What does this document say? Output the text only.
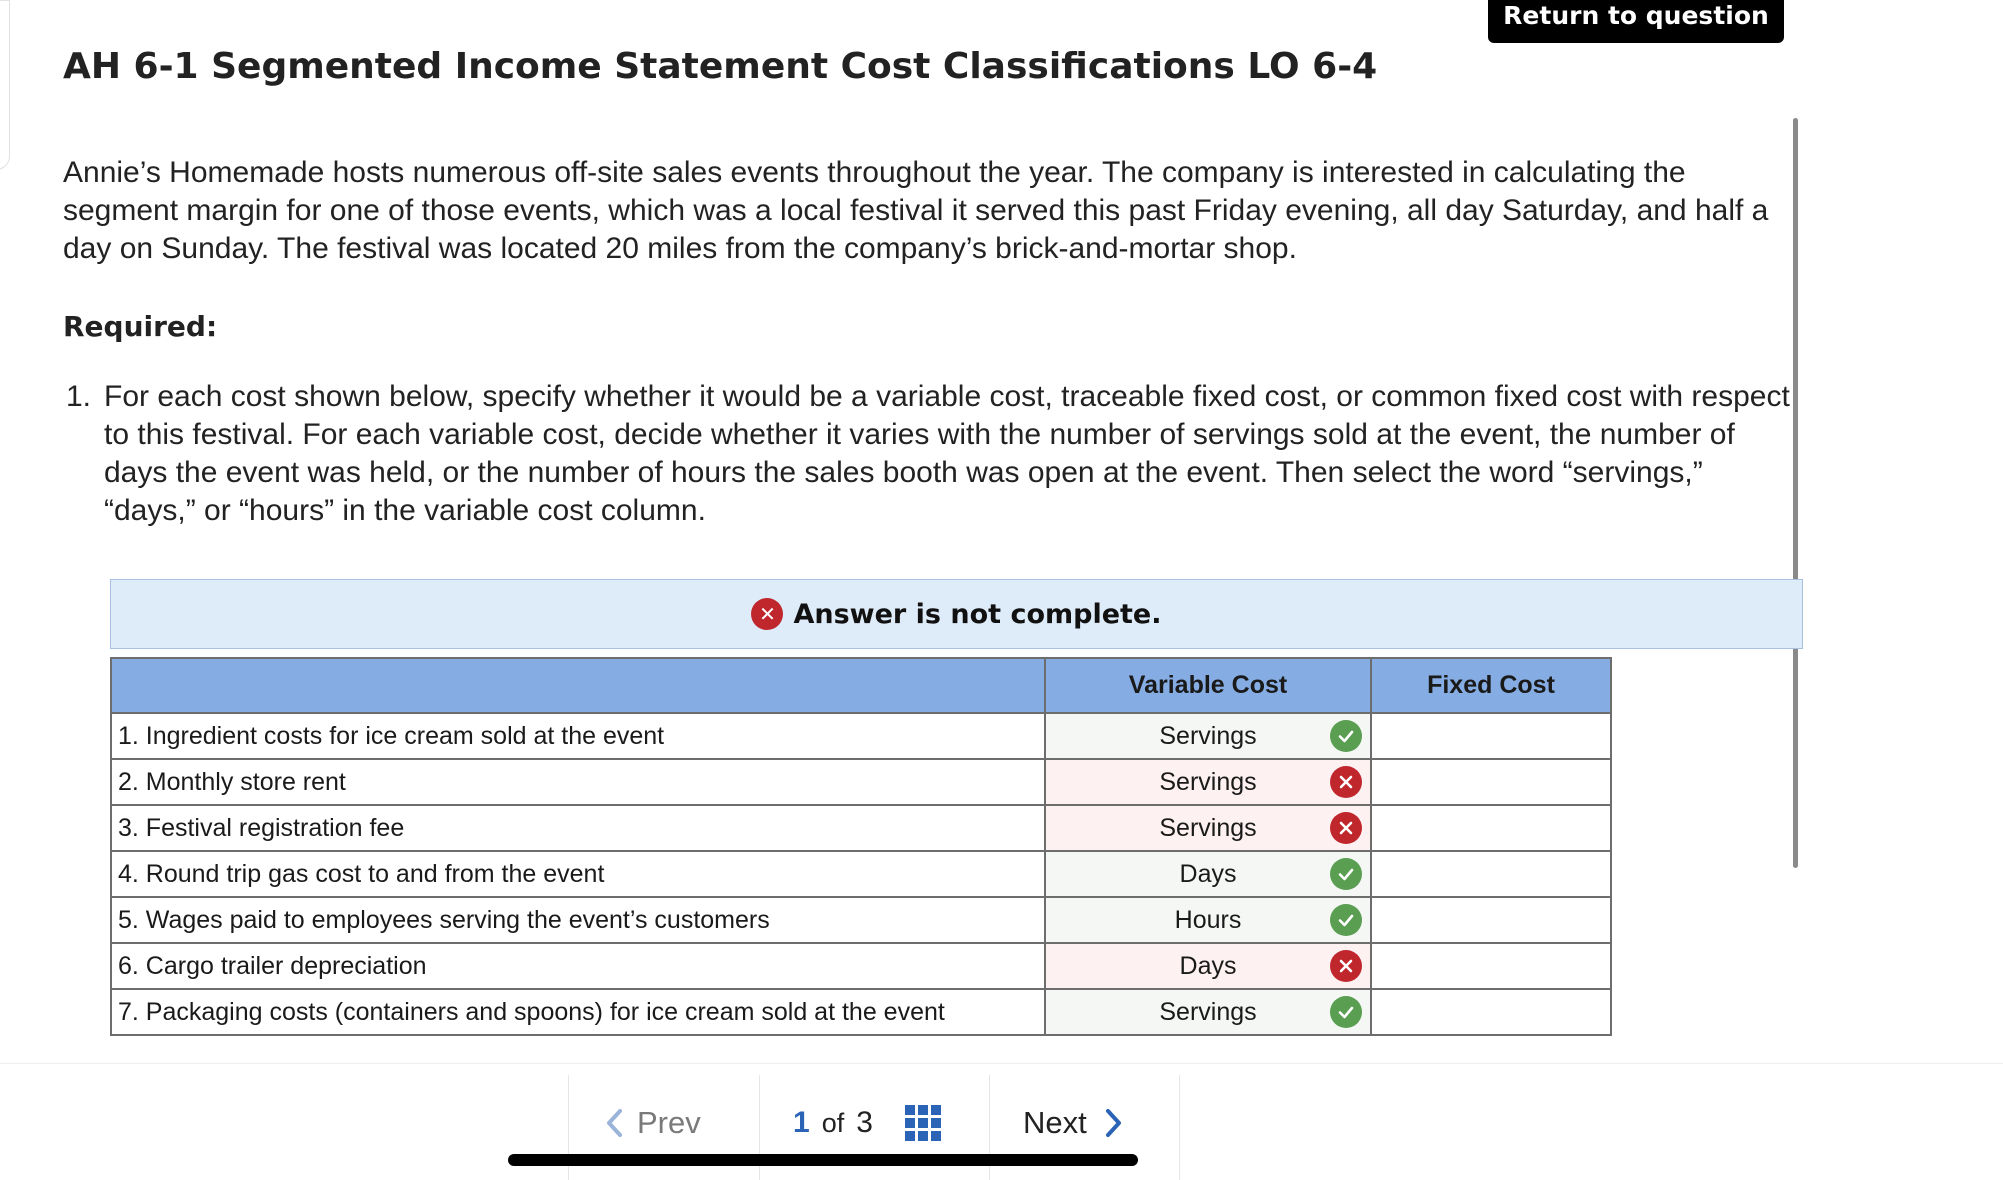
Return to question
AH 6-1 Segmented Income Statement Cost Classifications LO 6-4

Annie’s Homemade hosts numerous off-site sales events throughout the year. The company is interested in calculating the segment margin for one of those events, which was a local festival it served this past Friday evening, all day Saturday, and half a day on Sunday. The festival was located 20 miles from the company’s brick-and-mortar shop.

Required:

1. For each cost shown below, specify whether it would be a variable cost, traceable fixed cost, or common fixed cost with respect to this festival. For each variable cost, decide whether it varies with the number of servings sold at the event, the number of days the event was held, or the number of hours the sales booth was open at the event. Then select the word “servings,” “days,” or “hours” in the variable cost column.
✕ Answer is not complete.
	Variable Cost	Fixed Cost
1. Ingredient costs for ice cream sold at the event	Servings

2. Monthly store rent	Servings

3. Festival registration fee	Servings

4. Round trip gas cost to and from the event	Days

5. Wages paid to employees serving the event’s customers	Hours

6. Cargo trailer depreciation	Days

7. Packaging costs (containers and spoons) for ice cream sold at the event	Servings

Prev	1 of 3	Next
